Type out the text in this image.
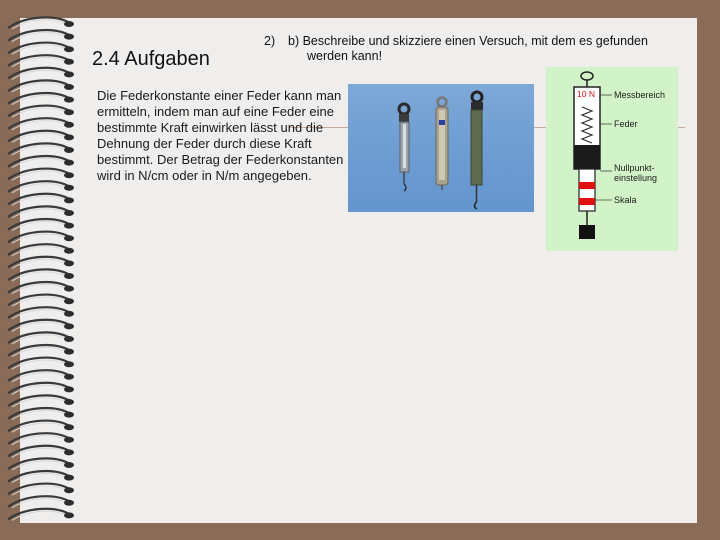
2.4 Aufgaben
2) b) Beschreibe und skizziere einen Versuch, mit dem es gefunden
werden kann!
Die Federkonstante einer Feder kann man ermitteln, indem man auf eine Feder eine bestimmte Kraft einwirken lässt und die Dehnung der Feder durch diese Kraft bestimmt. Der Betrag der Federkonstanten wird in N/cm oder in N/m angegeben.
10 N Messbereich
Feder
Nullpunkt-
einstellung
Skala
